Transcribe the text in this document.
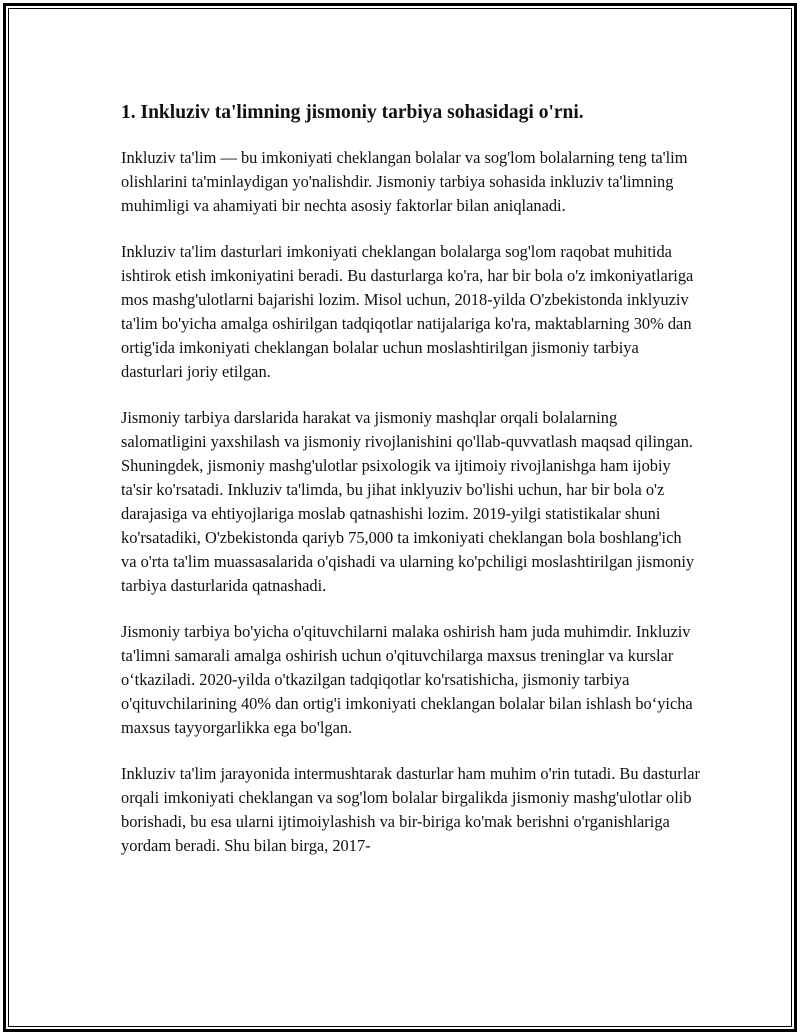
1. Inkluziv ta'limning jismoniy tarbiya sohasidagi o'rni.

Inkluziv ta'lim — bu imkoniyati cheklangan bolalar va sog'lom bolalarning teng ta'lim olishlarini ta'minlaydigan yo'nalishdir. Jismoniy tarbiya sohasida inkluziv ta'limning muhimligi va ahamiyati bir nechta asosiy faktorlar bilan aniqlanadi.

Inkluziv ta'lim dasturlari imkoniyati cheklangan bolalarga sog'lom raqobat muhitida ishtirok etish imkoniyatini beradi. Bu dasturlarga ko'ra, har bir bola o'z imkoniyatlariga mos mashg'ulotlarni bajarishi lozim. Misol uchun, 2018-yilda O'zbekistonda inklyuziv ta'lim bo'yicha amalga oshirilgan tadqiqotlar natijalariga ko'ra, maktablarning 30% dan ortig'ida imkoniyati cheklangan bolalar uchun moslashtirilgan jismoniy tarbiya dasturlari joriy etilgan.

Jismoniy tarbiya darslarida harakat va jismoniy mashqlar orqali bolalarning salomatligini yaxshilash va jismoniy rivojlanishini qo'llab-quvvatlash maqsad qilingan. Shuningdek, jismoniy mashg'ulotlar psixologik va ijtimoiy rivojlanishga ham ijobiy ta'sir ko'rsatadi. Inkluziv ta'limda, bu jihat inklyuziv bo'lishi uchun, har bir bola o'z darajasiga va ehtiyojlariga moslab qatnashishi lozim. 2019-yilgi statistikalar shuni ko'rsatadiki, O'zbekistonda qariyb 75,000 ta imkoniyati cheklangan bola boshlang'ich va o'rta ta'lim muassasalarida o'qishadi va ularning ko'pchiligi moslashtirilgan jismoniy tarbiya dasturlarida qatnashadi.

Jismoniy tarbiya bo'yicha o'qituvchilarni malaka oshirish ham juda muhimdir. Inkluziv ta'limni samarali amalga oshirish uchun o'qituvchilarga maxsus treninglar va kurslar o‘tkaziladi. 2020-yilda o'tkazilgan tadqiqotlar ko'rsatishicha, jismoniy tarbiya o'qituvchilarining 40% dan ortig'i imkoniyati cheklangan bolalar bilan ishlash bo‘yicha maxsus tayyorgarlikka ega bo'lgan.

Inkluziv ta'lim jarayonida intermushtarak dasturlar ham muhim o'rin tutadi. Bu dasturlar orqali imkoniyati cheklangan va sog'lom bolalar birgalikda jismoniy mashg'ulotlar olib borishadi, bu esa ularni ijtimoiylashish va bir-biriga ko'mak berishni o'rganishlariga yordam beradi. Shu bilan birga, 2017-
